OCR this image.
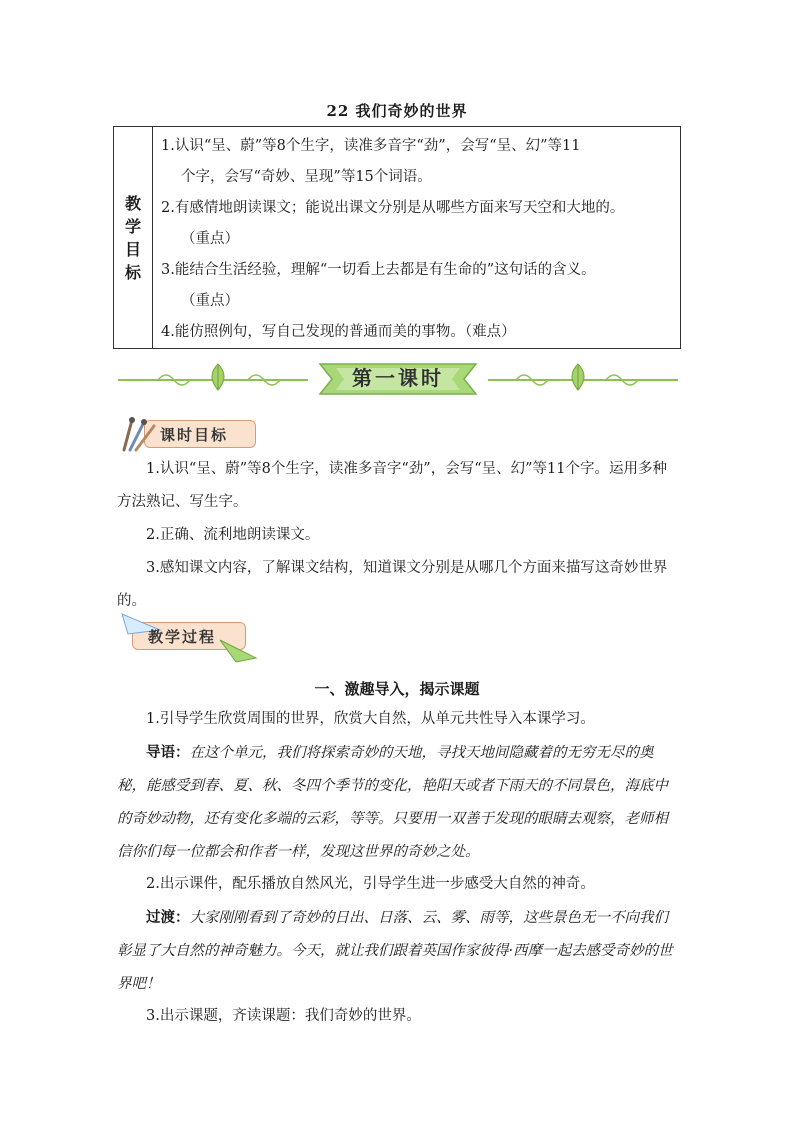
22 我们奇妙的世界
教学目标	
1.认识“呈、蔚”等8个生字，读准多音字“劲”，会写“呈、幻”等11
个字，会写“奇妙、呈现”等15个词语。
2.有感情地朗读课文；能说出课文分别是从哪些方面来写天空和大地的。
（重点）
3.能结合生活经验，理解“一切看上去都是有生命的”这句话的含义。
（重点）
4.能仿照例句，写自己发现的普通而美的事物。（难点）
第一课时
课时目标
1.认识“呈、蔚”等8个生字，读准多音字“劲”，会写“呈、幻”等11个字。运用多种方法熟记、写生字。
2.正确、流利地朗读课文。
3.感知课文内容，了解课文结构，知道课文分别是从哪几个方面来描写这奇妙世界的。
教学过程
一、激趣导入，揭示课题
1.引导学生欣赏周围的世界，欣赏大自然，从单元共性导入本课学习。
导语：在这个单元，我们将探索奇妙的天地，寻找天地间隐藏着的无穷无尽的奥秘，能感受到春、夏、秋、冬四个季节的变化，艳阳天或者下雨天的不同景色，海底中的奇妙动物，还有变化多端的云彩，等等。只要用一双善于发现的眼睛去观察，老师相信你们每一位都会和作者一样，发现这世界的奇妙之处。
2.出示课件，配乐播放自然风光，引导学生进一步感受大自然的神奇。
过渡：大家刚刚看到了奇妙的日出、日落、云、雾、雨等，这些景色无一不向我们彰显了大自然的神奇魅力。今天，就让我们跟着英国作家彼得·西摩一起去感受奇妙的世界吧！
3.出示课题，齐读课题：我们奇妙的世界。
